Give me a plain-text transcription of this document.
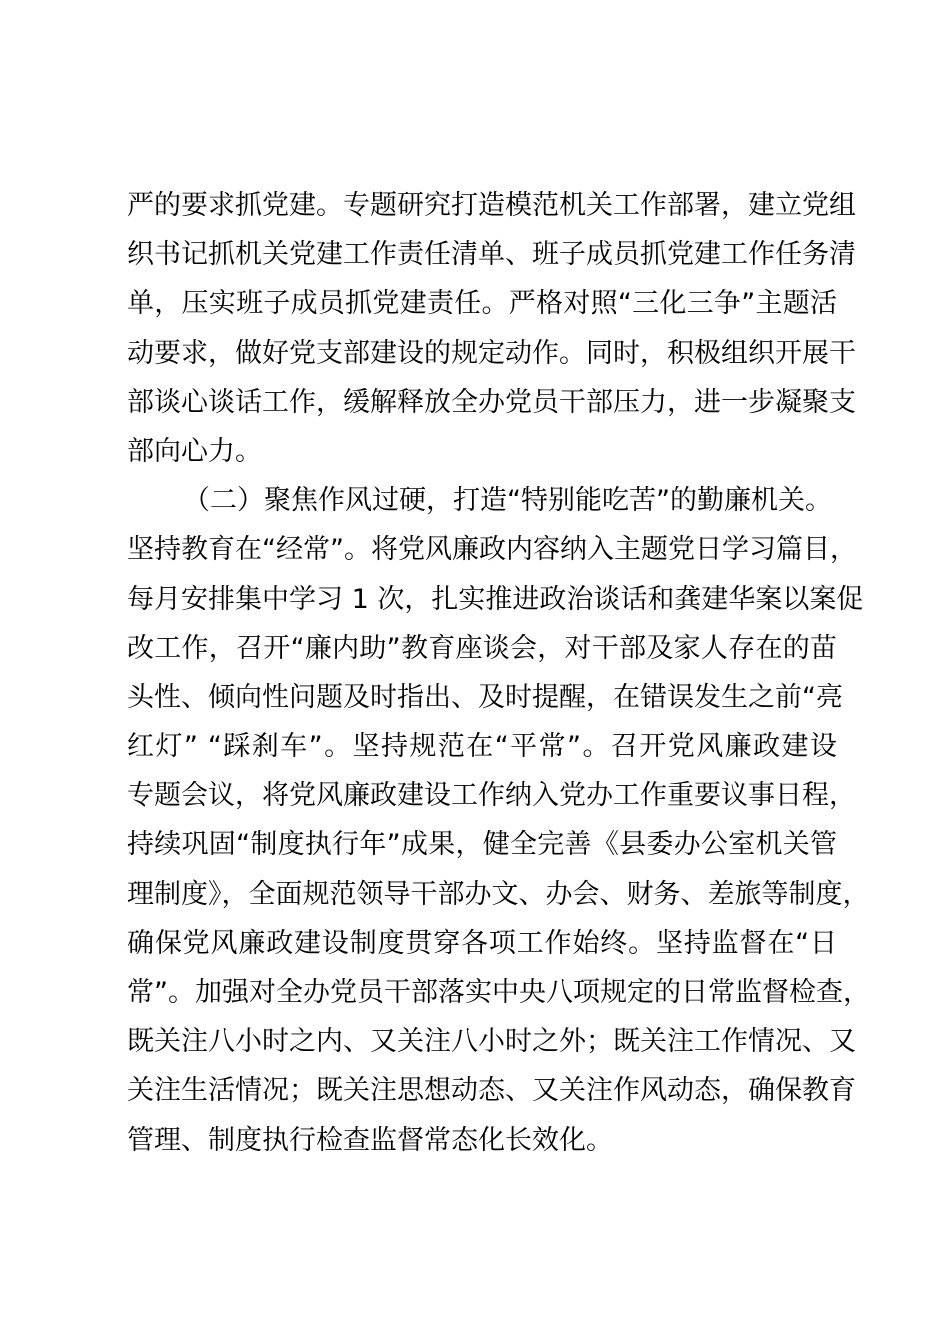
严的要求抓党建。专题研究打造模范机关工作部署，建立党组
织书记抓机关党建工作责任清单、班子成员抓党建工作任务清
单，压实班子成员抓党建责任。严格对照“三化三争”主题活
动要求，做好党支部建设的规定动作。同时，积极组织开展干
部谈心谈话工作，缓解释放全办党员干部压力，进一步凝聚支
部向心力。
（二）聚焦作风过硬，打造“特别能吃苦”的勤廉机关。
坚持教育在“经常”。将党风廉政内容纳入主题党日学习篇目，
每月安排集中学习 1 次，扎实推进政治谈话和龚建华案以案促
改工作，召开“廉内助”教育座谈会，对干部及家人存在的苗
头性、倾向性问题及时指出、及时提醒，在错误发生之前“亮
红灯” “踩刹车”。坚持规范在“平常”。召开党风廉政建设
专题会议，将党风廉政建设工作纳入党办工作重要议事日程，
持续巩固“制度执行年”成果，健全完善《县委办公室机关管
理制度》，全面规范领导干部办文、办会、财务、差旅等制度，
确保党风廉政建设制度贯穿各项工作始终。坚持监督在“日
常”。加强对全办党员干部落实中央八项规定的日常监督检查，
既关注八小时之内、又关注八小时之外；既关注工作情况、又
关注生活情况；既关注思想动态、又关注作风动态，确保教育
管理、制度执行检查监督常态化长效化。
